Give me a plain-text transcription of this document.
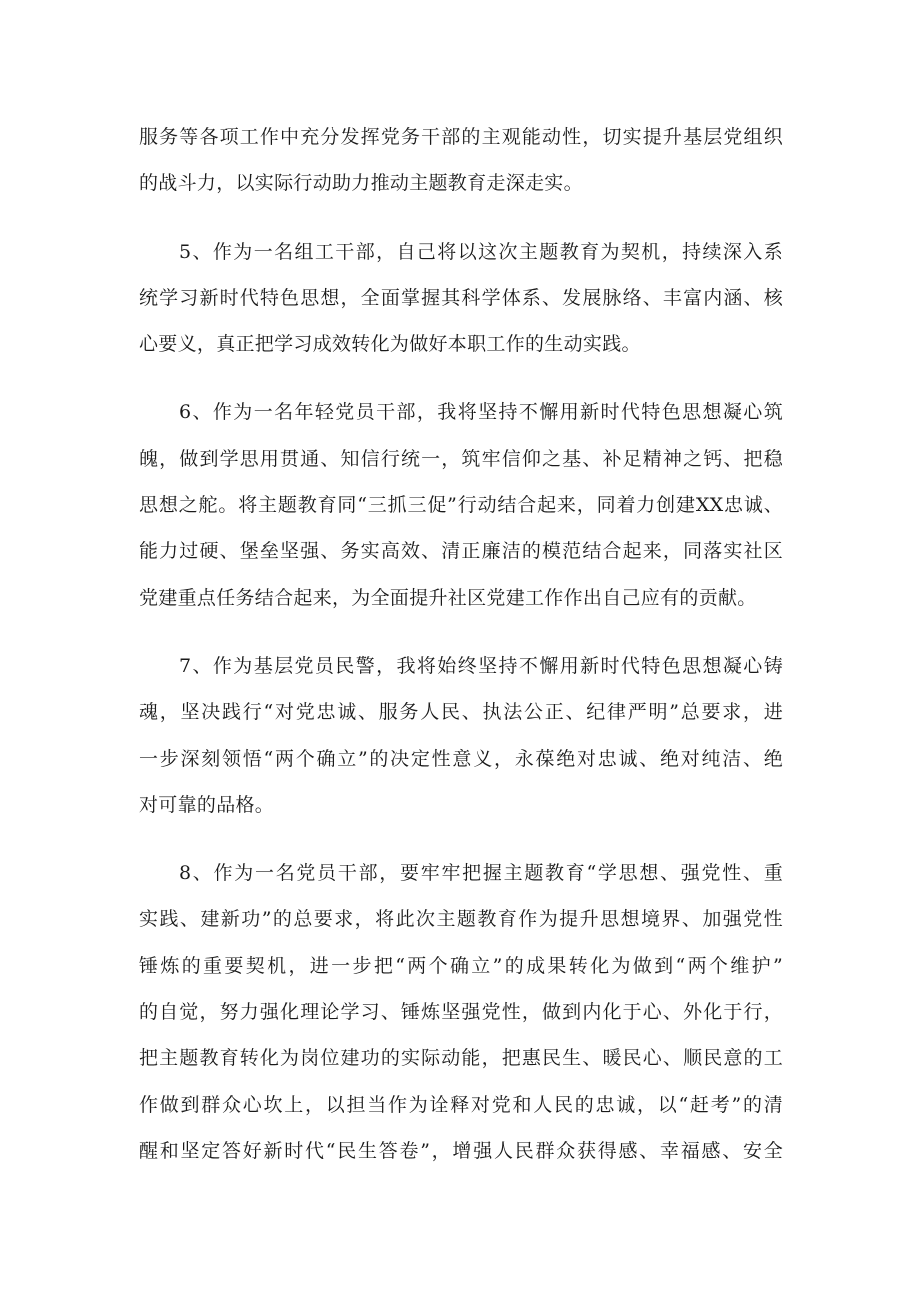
服务等各项工作中充分发挥党务干部的主观能动性，切实提升基层党组织
的战斗力，以实际行动助力推动主题教育走深走实。
5、作为一名组工干部，自己将以这次主题教育为契机，持续深入系
统学习新时代特色思想，全面掌握其科学体系、发展脉络、丰富内涵、核
心要义，真正把学习成效转化为做好本职工作的生动实践。
6、作为一名年轻党员干部，我将坚持不懈用新时代特色思想凝心筑
魄，做到学思用贯通、知信行统一，筑牢信仰之基、补足精神之钙、把稳
思想之舵。将主题教育同“三抓三促”行动结合起来，同着力创建XX忠诚、
能力过硬、堡垒坚强、务实高效、清正廉洁的模范结合起来，同落实社区
党建重点任务结合起来，为全面提升社区党建工作作出自己应有的贡献。
7、作为基层党员民警，我将始终坚持不懈用新时代特色思想凝心铸
魂，坚决践行“对党忠诚、服务人民、执法公正、纪律严明”总要求，进
一步深刻领悟“两个确立”的决定性意义，永葆绝对忠诚、绝对纯洁、绝
对可靠的品格。
8、作为一名党员干部，要牢牢把握主题教育“学思想、强党性、重
实践、建新功”的总要求，将此次主题教育作为提升思想境界、加强党性
锤炼的重要契机，进一步把“两个确立”的成果转化为做到“两个维护”
的自觉，努力强化理论学习、锤炼坚强党性，做到内化于心、外化于行，
把主题教育转化为岗位建功的实际动能，把惠民生、暖民心、顺民意的工
作做到群众心坎上，以担当作为诠释对党和人民的忠诚，以“赶考”的清
醒和坚定答好新时代“民生答卷”，增强人民群众获得感、幸福感、安全
